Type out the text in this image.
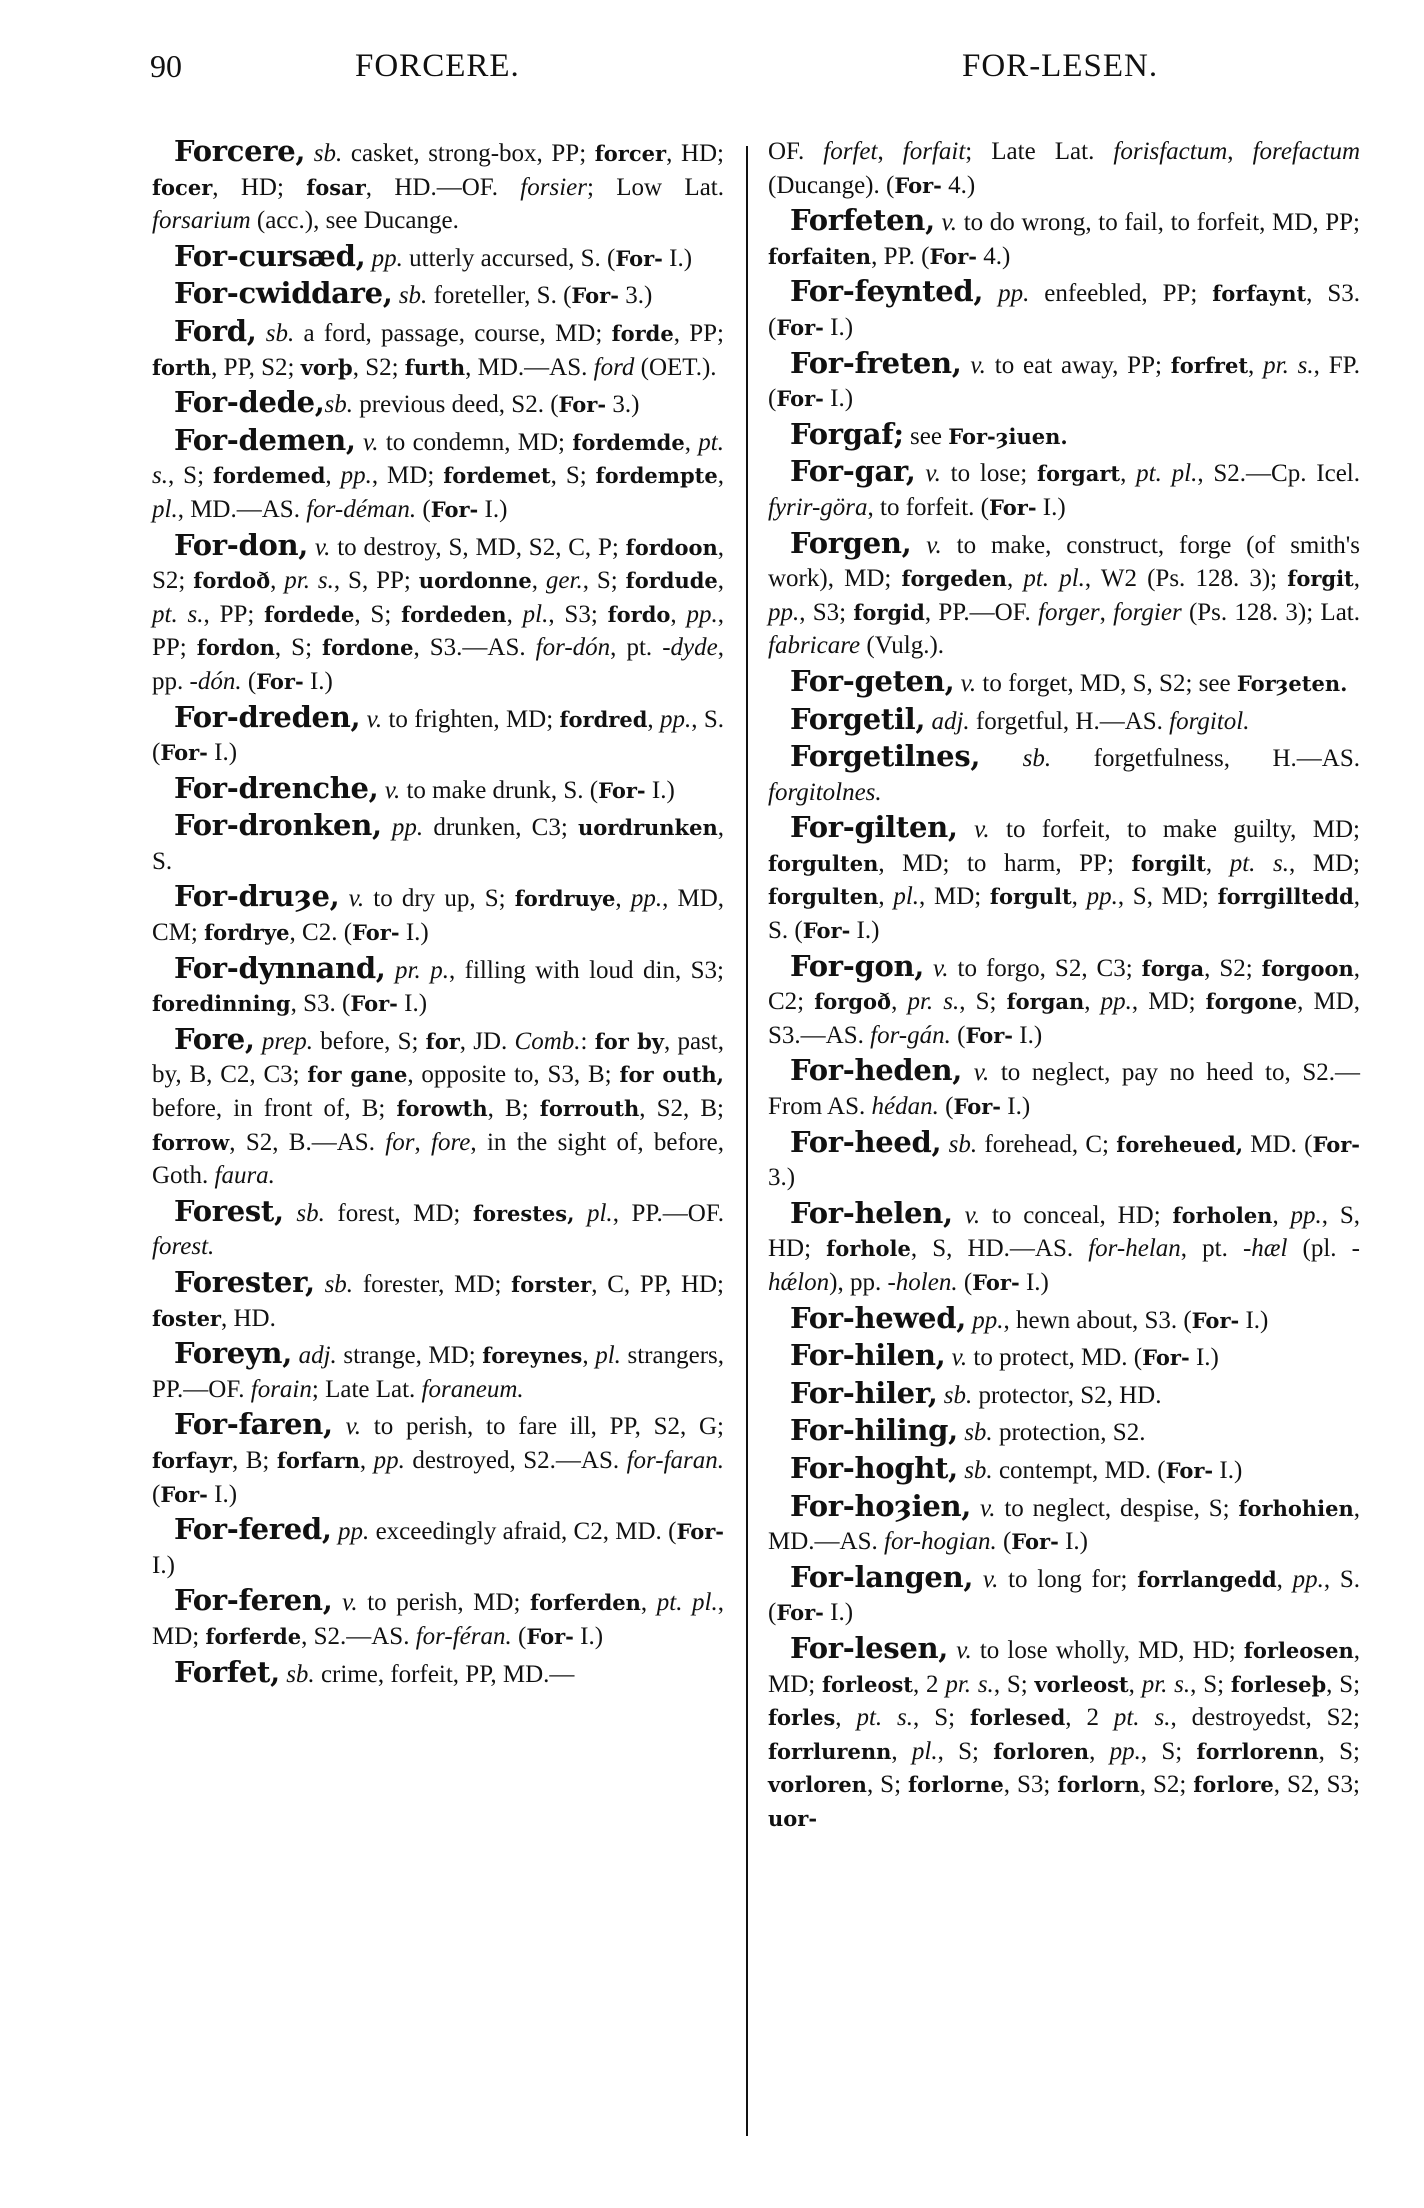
90	FORCERE.	FOR-LESEN.

Forcere, sb. casket, strong-box, PP; forcer, HD; focer, HD; fosar, HD.—OF. forsier; Low Lat. forsarium (acc.), see Ducange.

For-cursæd, pp. utterly accursed, S. (For- I.)

For-cwiddare, sb. foreteller, S. (For- 3.)

Ford, sb. a ford, passage, course, MD; forde, PP; forth, PP, S2; vorþ, S2; furth, MD.—AS. ford (OET.).

For-dede,sb. previous deed, S2. (For- 3.)

For-demen, v. to condemn, MD; fordemde, pt. s., S; fordemed, pp., MD; fordemet, S; fordempte, pl., MD.—AS. for-déman. (For- I.)

For-don, v. to destroy, S, MD, S2, C, P; fordoon, S2; fordoð, pr. s., S, PP; uordonne, ger., S; fordude, pt. s., PP; fordede, S; fordeden, pl., S3; fordo, pp., PP; fordon, S; fordone, S3.—AS. for-dón, pt. -dyde, pp. -dón. (For- I.)

For-dreden, v. to frighten, MD; fordred, pp., S. (For- I.)

For-drenche, v. to make drunk, S. (For- I.)

For-dronken, pp. drunken, C3; uordrunken, S.

For-druȝe, v. to dry up, S; fordruye, pp., MD, CM; fordrye, C2. (For- I.)

For-dynnand, pr. p., filling with loud din, S3; foredinning, S3. (For- I.)

Fore, prep. before, S; for, JD. Comb.: for by, past, by, B, C2, C3; for gane, opposite to, S3, B; for outh, before, in front of, B; forowth, B; forrouth, S2, B; forrow, S2, B.—AS. for, fore, in the sight of, before, Goth. faura.

Forest, sb. forest, MD; forestes, pl., PP.—OF. forest.

Forester, sb. forester, MD; forster, C, PP, HD; foster, HD.

Foreyn, adj. strange, MD; foreynes, pl. strangers, PP.—OF. forain; Late Lat. foraneum.

For-faren, v. to perish, to fare ill, PP, S2, G; forfayr, B; forfarn, pp. destroyed, S2.—AS. for-faran. (For- I.)

For-fered, pp. exceedingly afraid, C2, MD. (For- I.)

For-feren, v. to perish, MD; forferden, pt. pl., MD; forferde, S2.—AS. for-féran. (For- I.)

Forfet, sb. crime, forfeit, PP, MD.—

OF. forfet, forfait; Late Lat. forisfactum, forefactum (Ducange). (For- 4.)

Forfeten, v. to do wrong, to fail, to forfeit, MD, PP; forfaiten, PP. (For- 4.)

For-feynted, pp. enfeebled, PP; forfaynt, S3. (For- I.)

For-freten, v. to eat away, PP; forfret, pr. s., FP. (For- I.)

Forgaf; see For-ȝiuen.

For-gar, v. to lose; forgart, pt. pl., S2.—Cp. Icel. fyrir-göra, to forfeit. (For- I.)

Forgen, v. to make, construct, forge (of smith's work), MD; forgeden, pt. pl., W2 (Ps. 128. 3); forgit, pp., S3; forgid, PP.—OF. forger, forgier (Ps. 128. 3); Lat. fabricare (Vulg.).

For-geten, v. to forget, MD, S, S2; see Forȝeten.

Forgetil, adj. forgetful, H.—AS. forgitol.

Forgetilnes, sb. forgetfulness, H.—AS. forgitolnes.

For-gilten, v. to forfeit, to make guilty, MD; forgulten, MD; to harm, PP; forgilt, pt. s., MD; forgulten, pl., MD; forgult, pp., S, MD; forrgilltedd, S. (For- I.)

For-gon, v. to forgo, S2, C3; forga, S2; forgoon, C2; forgoð, pr. s., S; forgan, pp., MD; forgone, MD, S3.—AS. for-gán. (For- I.)

For-heden, v. to neglect, pay no heed to, S2.—From AS. hédan. (For- I.)

For-heed, sb. forehead, C; foreheued, MD. (For- 3.)

For-helen, v. to conceal, HD; forholen, pp., S, HD; forhole, S, HD.—AS. for-helan, pt. -hæl (pl. -hǽlon), pp. -holen. (For- I.)

For-hewed, pp., hewn about, S3. (For- I.)

For-hilen, v. to protect, MD. (For- I.)

For-hiler, sb. protector, S2, HD.

For-hiling, sb. protection, S2.

For-hoght, sb. contempt, MD. (For- I.)

For-hoȝien, v. to neglect, despise, S; forhohien, MD.—AS. for-hogian. (For- I.)

For-langen, v. to long for; forrlangedd, pp., S. (For- I.)

For-lesen, v. to lose wholly, MD, HD; forleosen, MD; forleost, 2 pr. s., S; vorleost, pr. s., S; forleseþ, S; forles, pt. s., S; forlesed, 2 pt. s., destroyedst, S2; forrlurenn, pl., S; forloren, pp., S; forrlorenn, S; vorloren, S; forlorne, S3; forlorn, S2; forlore, S2, S3; uor-
